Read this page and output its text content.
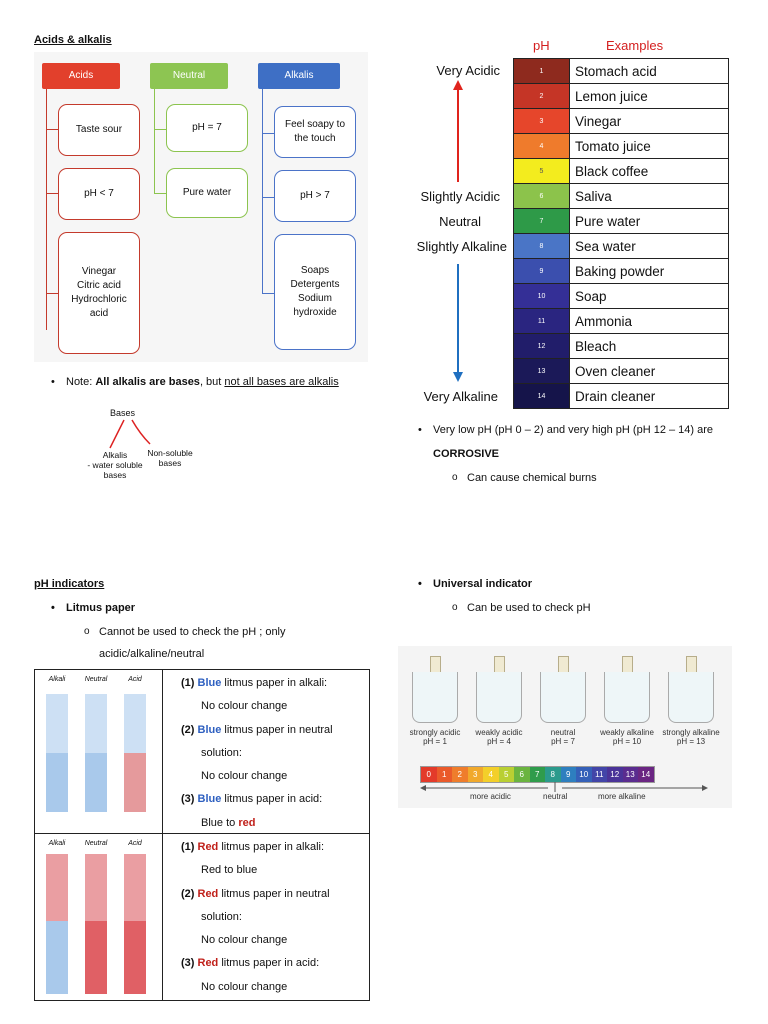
Acids & alkalis
Acids
Taste sour
pH < 7
Vinegar
Citric acid
Hydrochloric
acid
Neutral
pH = 7
Pure water
Alkalis
Feel soapy to
the touch
pH > 7
Soaps
Detergents
Sodium
hydroxide
• Note: All alkalis are bases, but not all bases are alkalis
Bases
Alkalis
- water soluble
bases
Non-soluble
bases
pH	Examples
1	Stomach acid
2	Lemon juice
3	Vinegar
4	Tomato juice
5	Black coffee
6	Saliva
7	Pure water
8	Sea water
9	Baking powder
10	Soap
11	Ammonia
12	Bleach
13	Oven cleaner
14	Drain cleaner
Very Acidic
Slightly Acidic
Neutral
Slightly Alkaline
Very Alkaline
• Very low pH (pH 0 – 2) and very high pH (pH 12 – 14) are
CORROSIVE
o Can cause chemical burns
pH indicators
• Litmus paper
o Cannot be used to check the pH ; only
acidic/alkaline/neutral
Alkali	Neutral	Acid
Alkali	Neutral	Acid
(1) Blue litmus paper in alkali:
No colour change
(2) Blue litmus paper in neutral
solution:
No colour change
(3) Blue litmus paper in acid:
Blue to red
(1) Red litmus paper in alkali:
Red to blue
(2) Red litmus paper in neutral
solution:
No colour change
(3) Red litmus paper in acid:
No colour change
• Universal indicator
o Can be used to check pH
strongly acidic
pH = 1
weakly acidic
pH = 4
neutral
pH = 7
weakly alkaline
pH = 10
strongly alkaline
pH = 13
0	1	2	3	4	5	6	7	8	9	10 11 12 13 14
more acidic	neutral	more alkaline
